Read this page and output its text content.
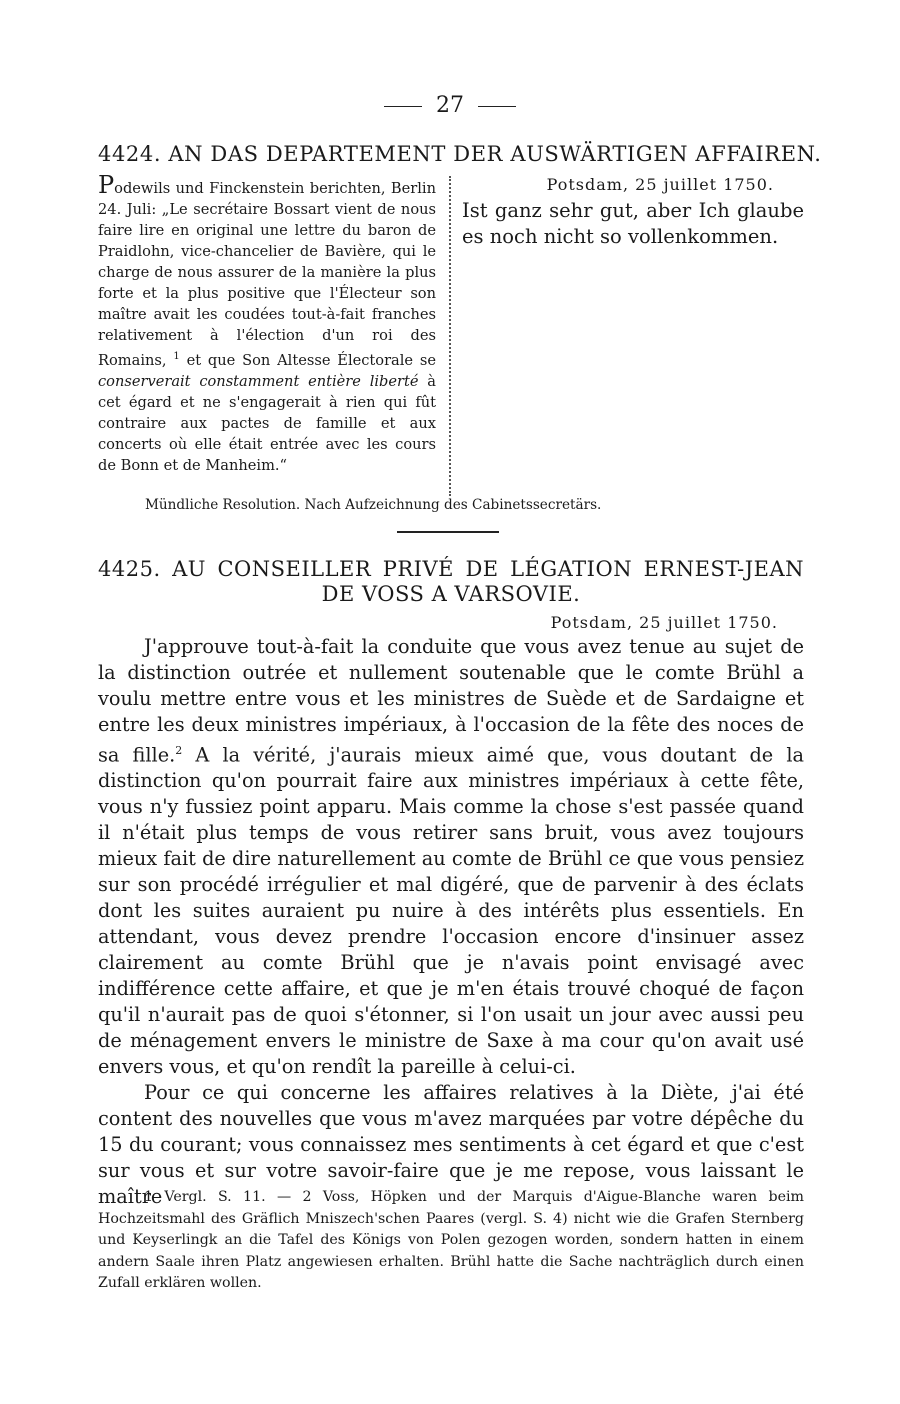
27
4424. AN DAS DEPARTEMENT DER AUSWÄRTIGEN AFFAIREN.

Podewils und Finckenstein berichten, Berlin 24. Juli: „Le secrétaire Bossart vient de nous faire lire en original une lettre du baron de Praidlohn, vice-chancelier de Bavière, qui le charge de nous assurer de la manière la plus forte et la plus positive que l'Électeur son maître avait les coudées tout-à-fait franches relativement à l'élection d'un roi des Romains, $^1$ et que Son Altesse Électorale se conserverait constamment entière liberté à cet égard et ne s'engagerait à rien qui fût contraire aux pactes de famille et aux concerts où elle était entrée avec les cours de Bonn et de Manheim.“

Potsdam, 25 juillet 1750.
Ist ganz sehr gut, aber Ich glaube es noch nicht so vollenkommen.
Mündliche Resolution. Nach Aufzeichnung des Cabinetssecretärs.
4425. AU CONSEILLER PRIVÉ DE LÉGATION ERNEST-JEAN
DE VOSS A VARSOVIE.
Potsdam, 25 juillet 1750.

J'approuve tout-à-fait la conduite que vous avez tenue au sujet de la distinction outrée et nullement soutenable que le comte Brühl a voulu mettre entre vous et les ministres de Suède et de Sardaigne et entre les deux ministres impériaux, à l'occasion de la fête des noces de sa fille.$^2$ A la vérité, j'aurais mieux aimé que, vous doutant de la distinction qu'on pourrait faire aux ministres impériaux à cette fête, vous n'y fussiez point apparu. Mais comme la chose s'est passée quand il n'était plus temps de vous retirer sans bruit, vous avez toujours mieux fait de dire naturellement au comte de Brühl ce que vous pensiez sur son procédé irrégulier et mal digéré, que de parvenir à des éclats dont les suites auraient pu nuire à des intérêts plus essentiels. En attendant, vous devez prendre l'occasion encore d'insinuer assez clairement au comte Brühl que je n'avais point envisagé avec indifférence cette affaire, et que je m'en étais trouvé choqué de façon qu'il n'aurait pas de quoi s'étonner, si l'on usait un jour avec aussi peu de ménagement envers le ministre de Saxe à ma cour qu'on avait usé envers vous, et qu'on rendît la pareille à celui-ci.

Pour ce qui concerne les affaires relatives à la Diète, j'ai été content des nouvelles que vous m'avez marquées par votre dépêche du 15 du courant; vous connaissez mes sentiments à cet égard et que c'est sur vous et sur votre savoir-faire que je me repose, vous laissant le maître

1 Vergl. S. 11. — 2 Voss, Höpken und der Marquis d'Aigue-Blanche waren beim Hochzeitsmahl des Gräflich Mniszech'schen Paares (vergl. S. 4) nicht wie die Grafen Sternberg und Keyserlingk an die Tafel des Königs von Polen gezogen worden, sondern hatten in einem andern Saale ihren Platz angewiesen erhalten. Brühl hatte die Sache nachträglich durch einen Zufall erklären wollen.
